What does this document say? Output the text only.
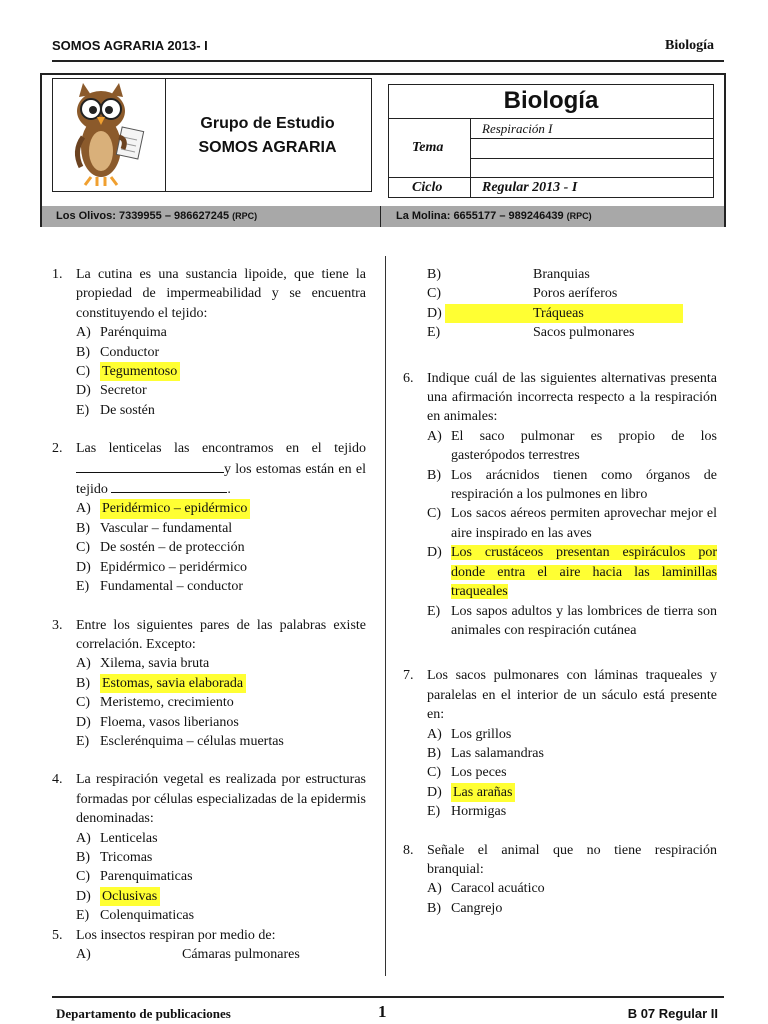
SOMOS AGRARIA 2013- I	Biología
Grupo de Estudio
SOMOS AGRARIA
Biología
Tema
Respiración I
Ciclo	Regular 2013 - I
Los Olivos: 7339955 – 986627245 (RPC)	La Molina: 6655177 – 989246439 (RPC)
1. La cutina es una sustancia lipoide, que tiene la propiedad de impermeabilidad y se encuentra constituyendo el tejido:
A) Parénquima
B) Conductor
C) Tegumentoso
D) Secretor
E) De sostén
2. Las lenticelas las encontramos en el tejido y los estomas están en el tejido	.
A) Peridérmico – epidérmico
B) Vascular – fundamental
C) De sostén – de protección
D) Epidérmico – peridérmico
E) Fundamental – conductor
3. Entre los siguientes pares de las palabras existe correlación. Excepto:
A) Xilema, savia bruta
B) Estomas, savia elaborada
C) Meristemo, crecimiento
D) Floema, vasos liberianos
E) Esclerénquima – células muertas
4. La respiración vegetal es realizada por estructuras formadas por células especializadas de la epidermis denominadas:
A) Lenticelas
B) Tricomas
C) Parenquimaticas
D) Oclusivas
E) Colenquimaticas
5. Los insectos respiran por medio de:
A)	Cámaras pulmonares
B)	Branquias
C)	Poros aeríferos
D)	Tráqueas
E)	Sacos pulmonares
6. Indique cuál de las siguientes alternativas presenta una afirmación incorrecta respecto a la respiración en animales:
A) El saco pulmonar es propio de los gasterópodos terrestres
B) Los arácnidos tienen como órganos de respiración a los pulmones en libro
C) Los sacos aéreos permiten aprovechar mejor el aire inspirado en las aves
D) Los crustáceos presentan espiráculos por donde entra el aire hacia las laminillas traqueales
E) Los sapos adultos y las lombrices de tierra son animales con respiración cutánea
7. Los sacos pulmonares con láminas traqueales y paralelas en el interior de un sáculo está presente en:
A) Los grillos
B) Las salamandras
C) Los peces
D) Las arañas
E) Hormigas
8. Señale el animal que no tiene respiración branquial:
A) Caracol acuático
B) Cangrejo
Departamento de publicaciones	1	B 07 Regular II
